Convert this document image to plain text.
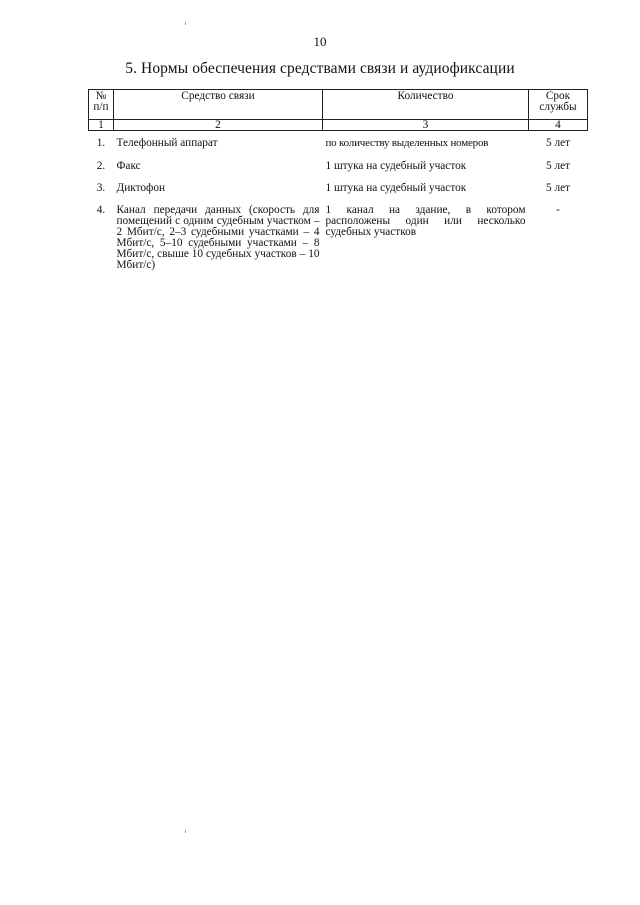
10
5. Нормы обеспечения средствами связи и аудиофиксации
№ п/п	Средство связи	Количество	Срок службы
1	2	3	4
1.	Телефонный аппарат	по количеству выделенных номеров	5 лет
2.	Факс	1 штука на судебный участок	5 лет
3.	Диктофон	1 штука на судебный участок	5 лет
4.	Канал передачи данных (скорость для помещений с одним судебным участком – 2 Мбит/с, 2–3 судебными участками – 4 Мбит/с, 5–10 судебными участками – 8 Мбит/с, свыше 10 судебных участков – 10 Мбит/с)	1 канал на здание, в котором расположены один или несколько судебных участков	-
